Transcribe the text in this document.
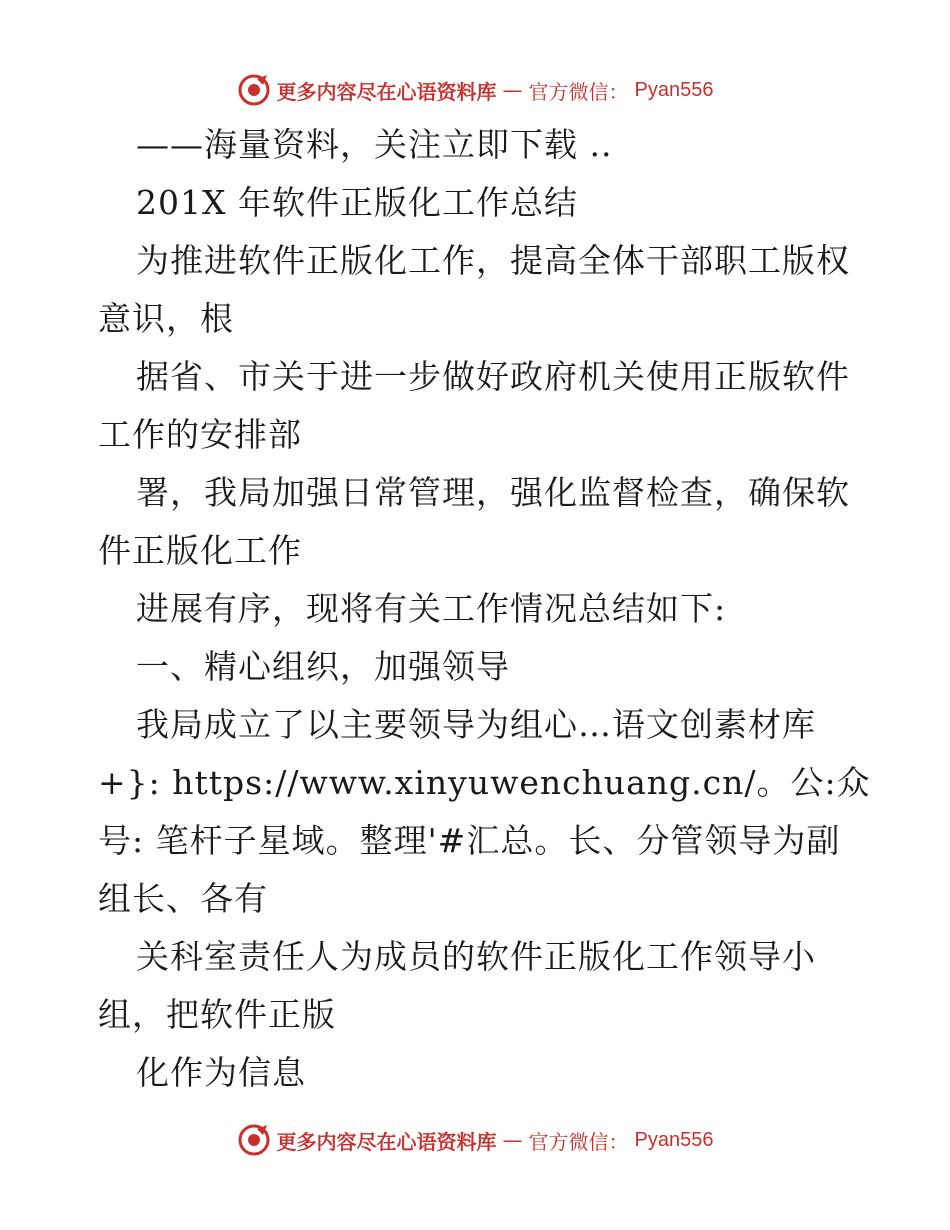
更多内容尽在心语资料库 — 官方微信： Pyan556
——海量资料，关注立即下载 ..
201X 年软件正版化工作总结
为推进软件正版化工作，提高全体干部职工版权
意识，根
据省、市关于进一步做好政府机关使用正版软件
工作的安排部
署，我局加强日常管理，强化监督检查，确保软
件正版化工作
进展有序，现将有关工作情况总结如下:
一、精心组织，加强领导
我局成立了以主要领导为组心…语文创素材库
+}: https://www.xinyuwenchuang.cn/。公:众
号: 笔杆子星域。整理'#汇总。长、分管领导为副
组长、各有
关科室责任人为成员的软件正版化工作领导小
组，把软件正版
化作为信息
更多内容尽在心语资料库 — 官方微信： Pyan556
